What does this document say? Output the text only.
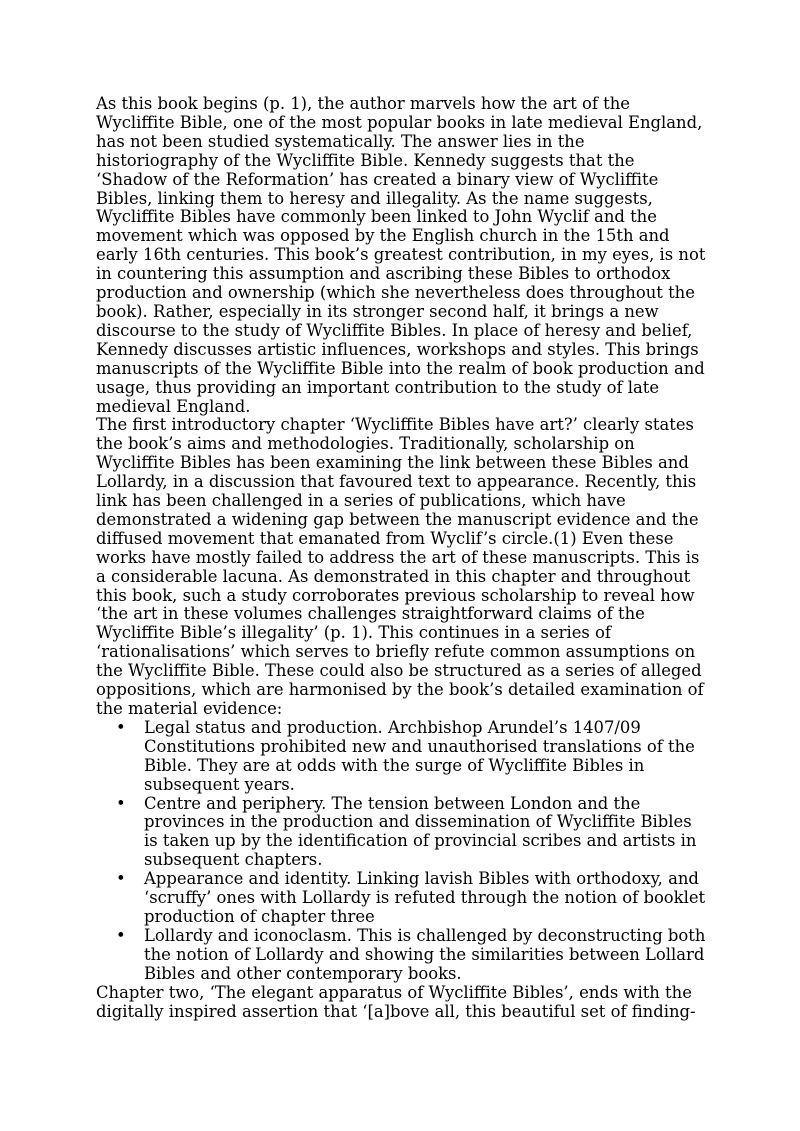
As this book begins (p. 1), the author marvels how the art of the Wycliffite Bible, one of the most popular books in late medieval England, has not been studied systematically. The answer lies in the historiography of the Wycliffite Bible. Kennedy suggests that the ‘Shadow of the Reformation’ has created a binary view of Wycliffite Bibles, linking them to heresy and illegality. As the name suggests, Wycliffite Bibles have commonly been linked to John Wyclif and the movement which was opposed by the English church in the 15th and early 16th centuries. This book’s greatest contribution, in my eyes, is not in countering this assumption and ascribing these Bibles to orthodox production and ownership (which she nevertheless does throughout the book). Rather, especially in its stronger second half, it brings a new discourse to the study of Wycliffite Bibles. In place of heresy and belief, Kennedy discusses artistic influences, workshops and styles. This brings manuscripts of the Wycliffite Bible into the realm of book production and usage, thus providing an important contribution to the study of late medieval England.

The first introductory chapter ‘Wycliffite Bibles have art?’ clearly states the book’s aims and methodologies. Traditionally, scholarship on Wycliffite Bibles has been examining the link between these Bibles and Lollardy, in a discussion that favoured text to appearance. Recently, this link has been challenged in a series of publications, which have demonstrated a widening gap between the manuscript evidence and the diffused movement that emanated from Wyclif’s circle.(1) Even these works have mostly failed to address the art of these manuscripts. This is a considerable lacuna. As demonstrated in this chapter and throughout this book, such a study corroborates previous scholarship to reveal how ‘the art in these volumes challenges straightforward claims of the Wycliffite Bible’s illegality’ (p. 1). This continues in a series of ‘rationalisations’ which serves to briefly refute common assumptions on the Wycliffite Bible. These could also be structured as a series of alleged oppositions, which are harmonised by the book’s detailed examination of the material evidence:

• Legal status and production. Archbishop Arundel’s 1407/09 Constitutions prohibited new and unauthorised translations of the Bible. They are at odds with the surge of Wycliffite Bibles in subsequent years.
• Centre and periphery. The tension between London and the provinces in the production and dissemination of Wycliffite Bibles is taken up by the identification of provincial scribes and artists in subsequent chapters.
• Appearance and identity. Linking lavish Bibles with orthodoxy, and ‘scruffy’ ones with Lollardy is refuted through the notion of booklet production of chapter three
• Lollardy and iconoclasm. This is challenged by deconstructing both the notion of Lollardy and showing the similarities between Lollard Bibles and other contemporary books.

Chapter two, ‘The elegant apparatus of Wycliffite Bibles’, ends with the digitally inspired assertion that ‘[a]bove all, this beautiful set of finding-
